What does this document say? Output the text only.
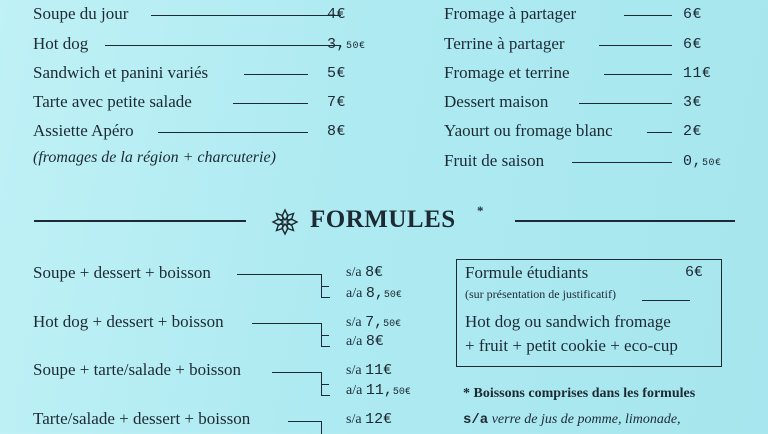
Soupe du jour	4€
Hot dog	3,50€
Sandwich et panini variés	5€
Tarte avec petite salade	7€
Assiette Apéro	8€
(fromages de la région + charcuterie)
Fromage à partager	6€
Terrine à partager	6€
Fromage et terrine	11€
Dessert maison	3€
Yaourt ou fromage blanc	2€
Fruit de saison	0,50€
FORMULES *
Soupe + dessert + boisson	s/a 8€
a/a 8,50€
Hot dog + dessert + boisson	s/a 7,50€
a/a 8€
Soupe + tarte/salade + boisson	s/a 11€
a/a 11,50€
Tarte/salade + dessert + boisson	s/a 12€
Formule étudiants	6€
(sur présentation de justificatif)
Hot dog ou sandwich fromage
+ fruit + petit cookie + eco-cup
* Boissons comprises dans les formules
s/a verre de jus de pomme, limonade,
